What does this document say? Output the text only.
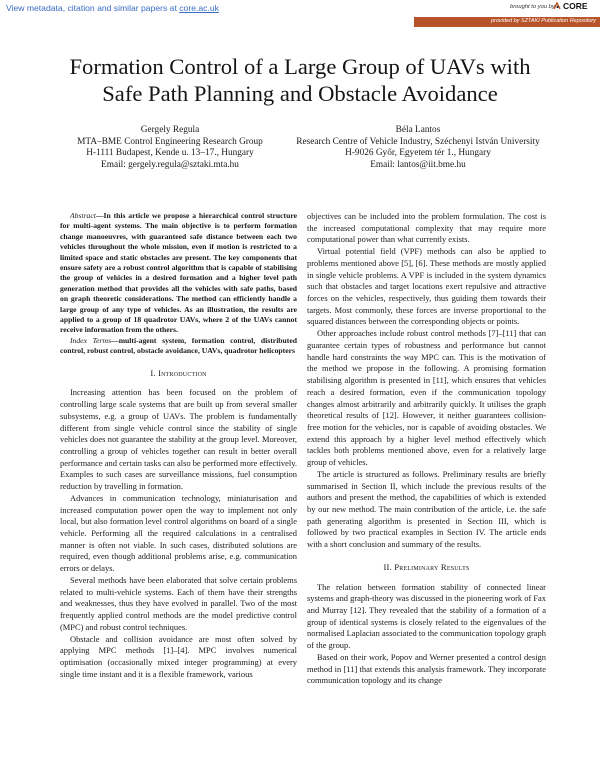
View metadata, citation and similar papers at core.ac.uk	brought to you by CORE
provided by SZTAKI Publication Repository
Formation Control of a Large Group of UAVs with
Safe Path Planning and Obstacle Avoidance
Gergely Regula
MTA–BME Control Engineering Research Group
H-1111 Budapest, Kende u. 13–17., Hungary
Email: gergely.regula@sztaki.mta.hu
Béla Lantos
Research Centre of Vehicle Industry, Széchenyi István University
H-9026 Győr, Egyetem tér 1., Hungary
Email: lantos@iit.bme.hu

Abstract—In this article we propose a hierarchical control structure for multi-agent systems. The main objective is to perform formation change manoeuvres, with guaranteed safe distance between each two vehicles throughout the whole mission, even if motion is restricted to a limited space and static obstacles are present. The key components that ensure safety are a robust control algorithm that is capable of stabilising the group of vehicles in a desired formation and a higher level path generation method that provides all the vehicles with safe paths, based on graph theoretic considerations. The method can efficiently handle a large group of any type of vehicles. As an illustration, the results are applied to a group of 18 quadrotor UAVs, where 2 of the UAVs cannot receive information from the others.

Index Terms—multi-agent system, formation control, distributed control, robust control, obstacle avoidance, UAVs, quadrotor helicopters

I. Introduction

Increasing attention has been focused on the problem of controlling large scale systems that are built up from several smaller subsystems, e.g. a group of UAVs. The problem is fundamentally different from single vehicle control since the stability of single vehicles does not guarantee the stability at the group level. Moreover, controlling a group of vehicles together can result in better overall performance and certain tasks can also be performed more effectively. Examples to such cases are surveillance missions, fuel consumption reduction by travelling in formation.

Advances in communication technology, miniaturisation and increased computation power open the way to implement not only local, but also formation level control algorithms on board of a single vehicle. Performing all the required calculations in a centralised manner is often not viable. In such cases, distributed solutions are required, even though additional problems arise, e.g. communication errors or delays.

Several methods have been elaborated that solve certain problems related to multi-vehicle systems. Each of them have their strengths and weaknesses, thus they have evolved in parallel. Two of the most frequently applied control methods are the model predictive control (MPC) and robust control techniques.

Obstacle and collision avoidance are most often solved by applying MPC methods [1]–[4]. MPC involves numerical optimisation (occasionally mixed integer programming) at every single time instant and it is a flexible framework, various

objectives can be included into the problem formulation. The cost is the increased computational complexity that may require more computational power than what currently exists.

Virtual potential field (VPF) methods can also be applied to problems mentioned above [5], [6]. These methods are mostly applied in single vehicle problems. A VPF is included in the system dynamics such that obstacles and target locations exert repulsive and attractive forces on the vehicles, respectively, thus guiding them towards their targets. Most commonly, these forces are inverse proportional to the squared distances between the corresponding objects or points.

Other approaches include robust control methods [7]–[11] that can guarantee certain types of robustness and performance but cannot handle hard constraints the way MPC can. This is the motivation of the method we propose in the following. A promising formation stabilising algorithm is presented in [11], which ensures that vehicles reach a desired formation, even if the communication topology changes almost arbitrarily and arbitrarily quickly. It utilises the graph theoretical results of [12]. However, it neither guarantees collision-free motion for the vehicles, nor is capable of avoiding obstacles. We extend this approach by a higher level method effectively which tackles both problems mentioned above, even for a relatively large group of vehicles.

The article is structured as follows. Preliminary results are briefly summarised in Section II, which include the previous results of the authors and present the method, the capabilities of which is extended by our new method. The main contribution of the article, i.e. the safe path generating algorithm is presented in Section III, which is followed by two practical examples in Section IV. The article ends with a short conclusion and summary of the results.

II. Preliminary Results

The relation between formation stability of connected linear systems and graph-theory was discussed in the pioneering work of Fax and Murray [12]. They revealed that the stability of a formation of a group of identical systems is closely related to the eigenvalues of the normalised Laplacian associated to the communication topology graph of the group.

Based on their work, Popov and Werner presented a control design method in [11] that extends this analysis framework. They incorporate communication topology and its change
